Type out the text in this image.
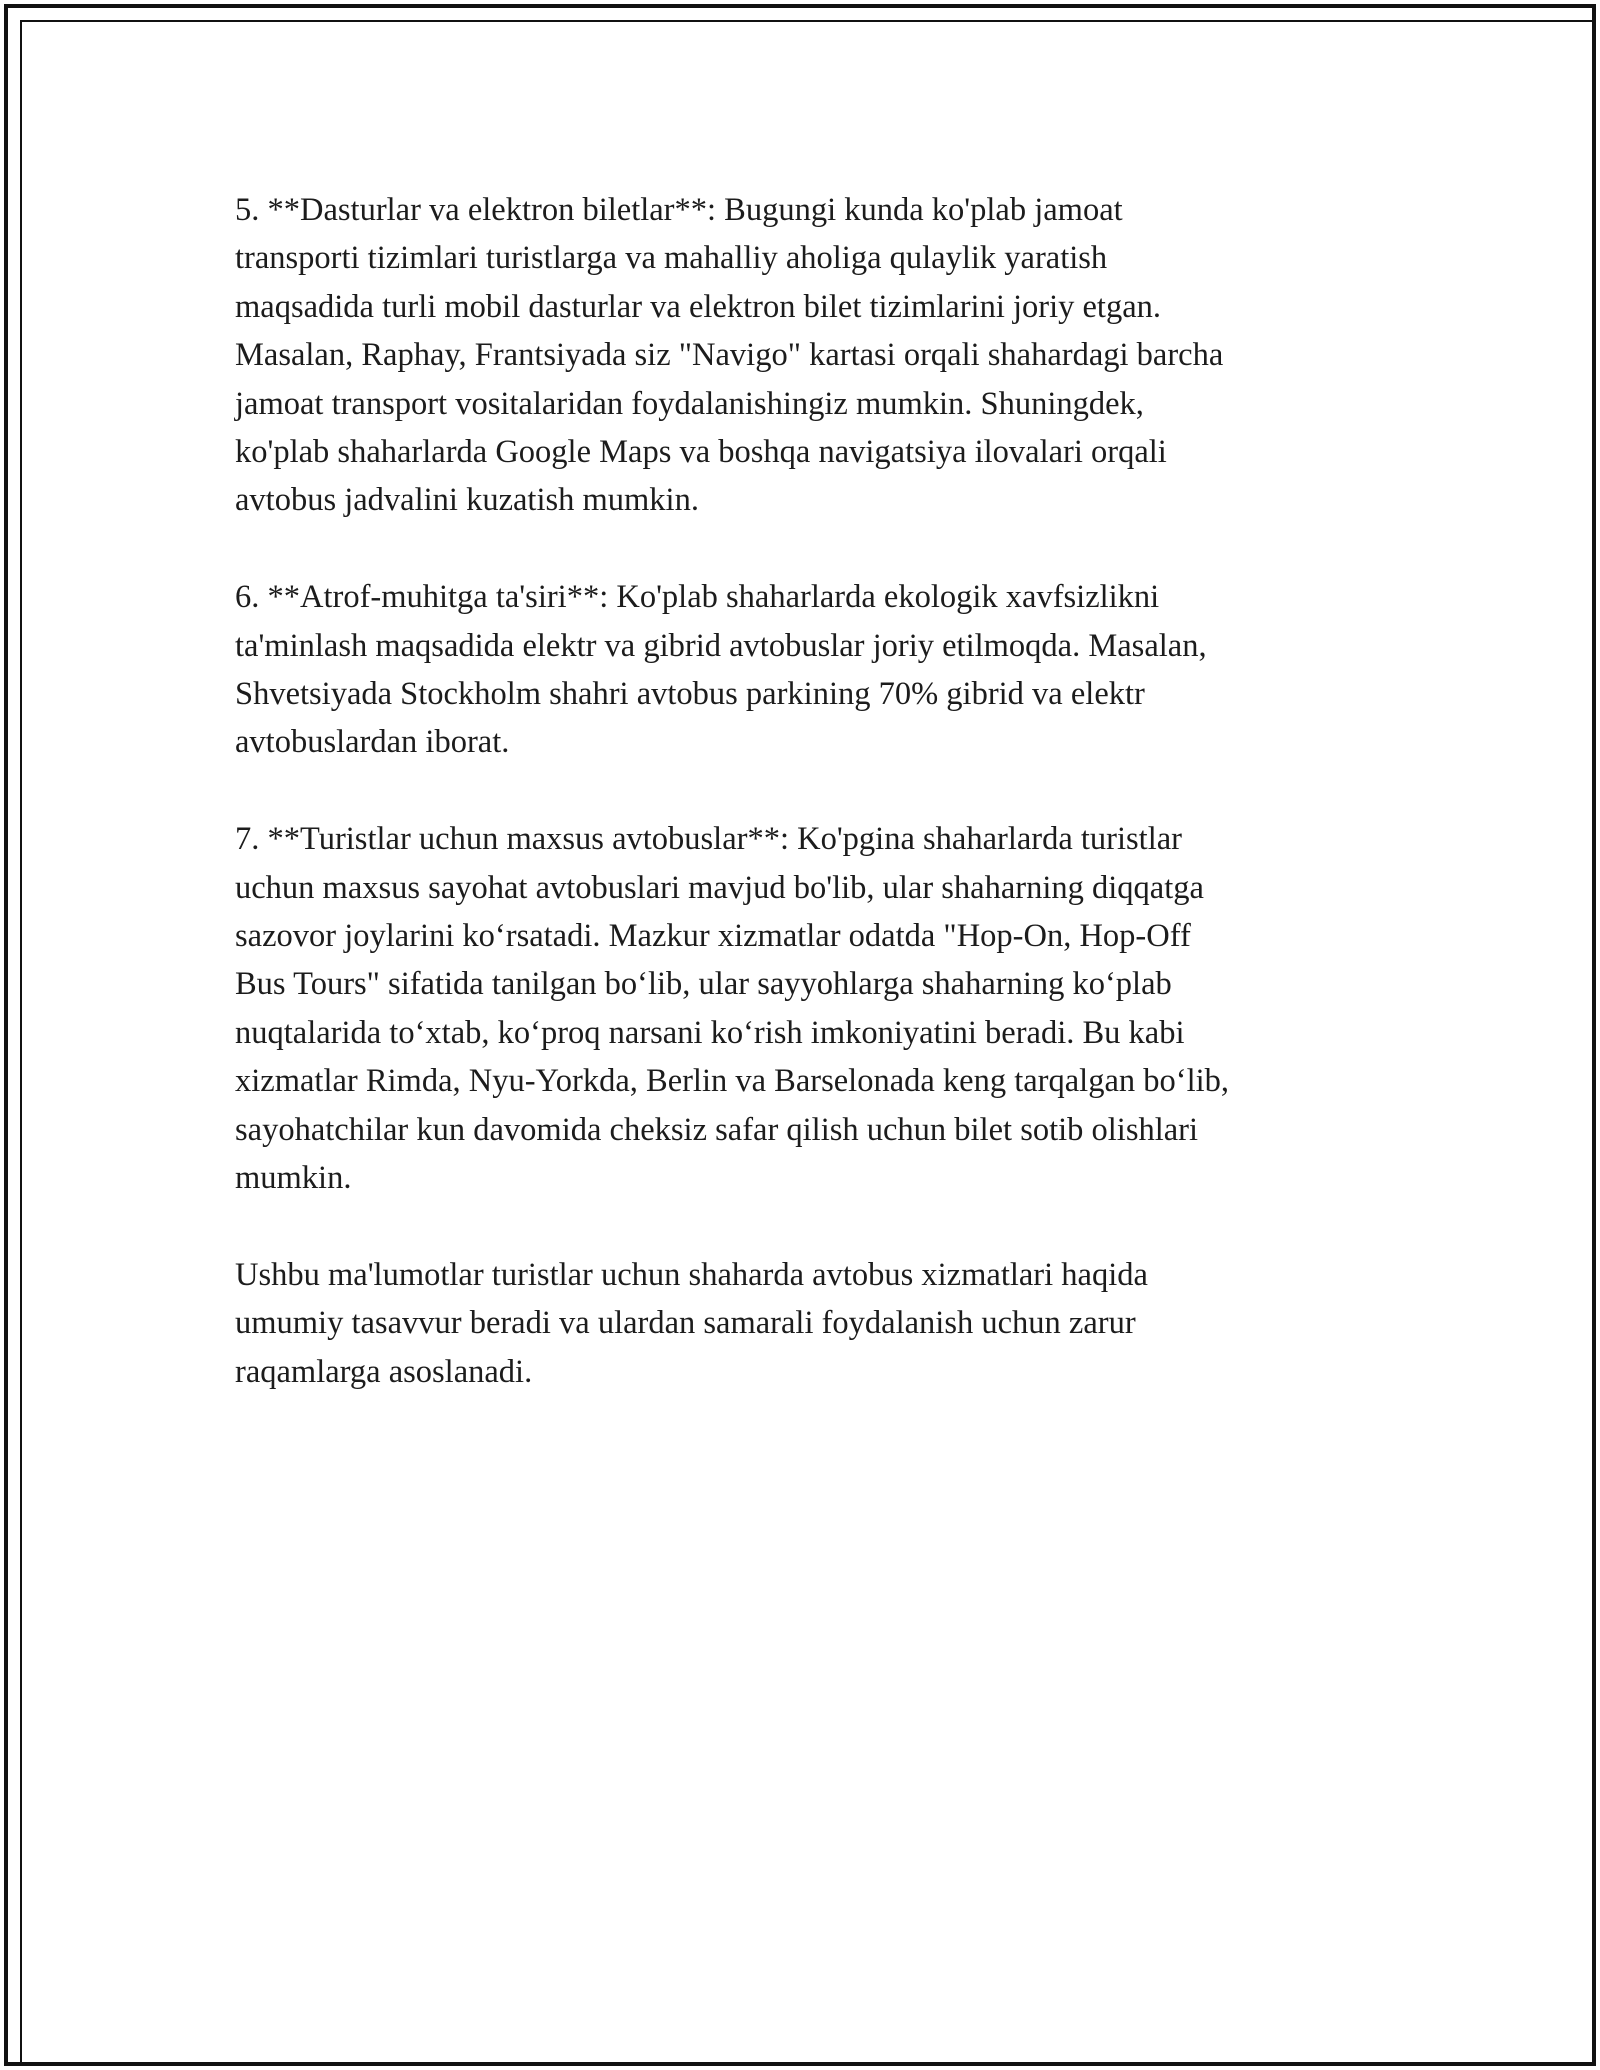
5. **Dasturlar va elektron biletlar**: Bugungi kunda ko'plab jamoat
transporti tizimlari turistlarga va mahalliy aholiga qulaylik yaratish
maqsadida turli mobil dasturlar va elektron bilet tizimlarini joriy etgan.
Masalan, Raphay, Frantsiyada siz "Navigo" kartasi orqali shahardagi barcha
jamoat transport vositalaridan foydalanishingiz mumkin. Shuningdek,
ko'plab shaharlarda Google Maps va boshqa navigatsiya ilovalari orqali
avtobus jadvalini kuzatish mumkin.

6. **Atrof-muhitga ta'siri**: Ko'plab shaharlarda ekologik xavfsizlikni
ta'minlash maqsadida elektr va gibrid avtobuslar joriy etilmoqda. Masalan,
Shvetsiyada Stockholm shahri avtobus parkining 70% gibrid va elektr
avtobuslardan iborat.

7. **Turistlar uchun maxsus avtobuslar**: Ko'pgina shaharlarda turistlar
uchun maxsus sayohat avtobuslari mavjud bo'lib, ular shaharning diqqatga
sazovor joylarini koʻrsatadi. Mazkur xizmatlar odatda "Hop-On, Hop-Off
Bus Tours" sifatida tanilgan boʻlib, ular sayyohlarga shaharning koʻplab
nuqtalarida toʻxtab, koʻproq narsani koʻrish imkoniyatini beradi. Bu kabi
xizmatlar Rimda, Nyu-Yorkda, Berlin va Barselonada keng tarqalgan boʻlib,
sayohatchilar kun davomida cheksiz safar qilish uchun bilet sotib olishlari
mumkin.

Ushbu ma'lumotlar turistlar uchun shaharda avtobus xizmatlari haqida
umumiy tasavvur beradi va ulardan samarali foydalanish uchun zarur
raqamlarga asoslanadi.
